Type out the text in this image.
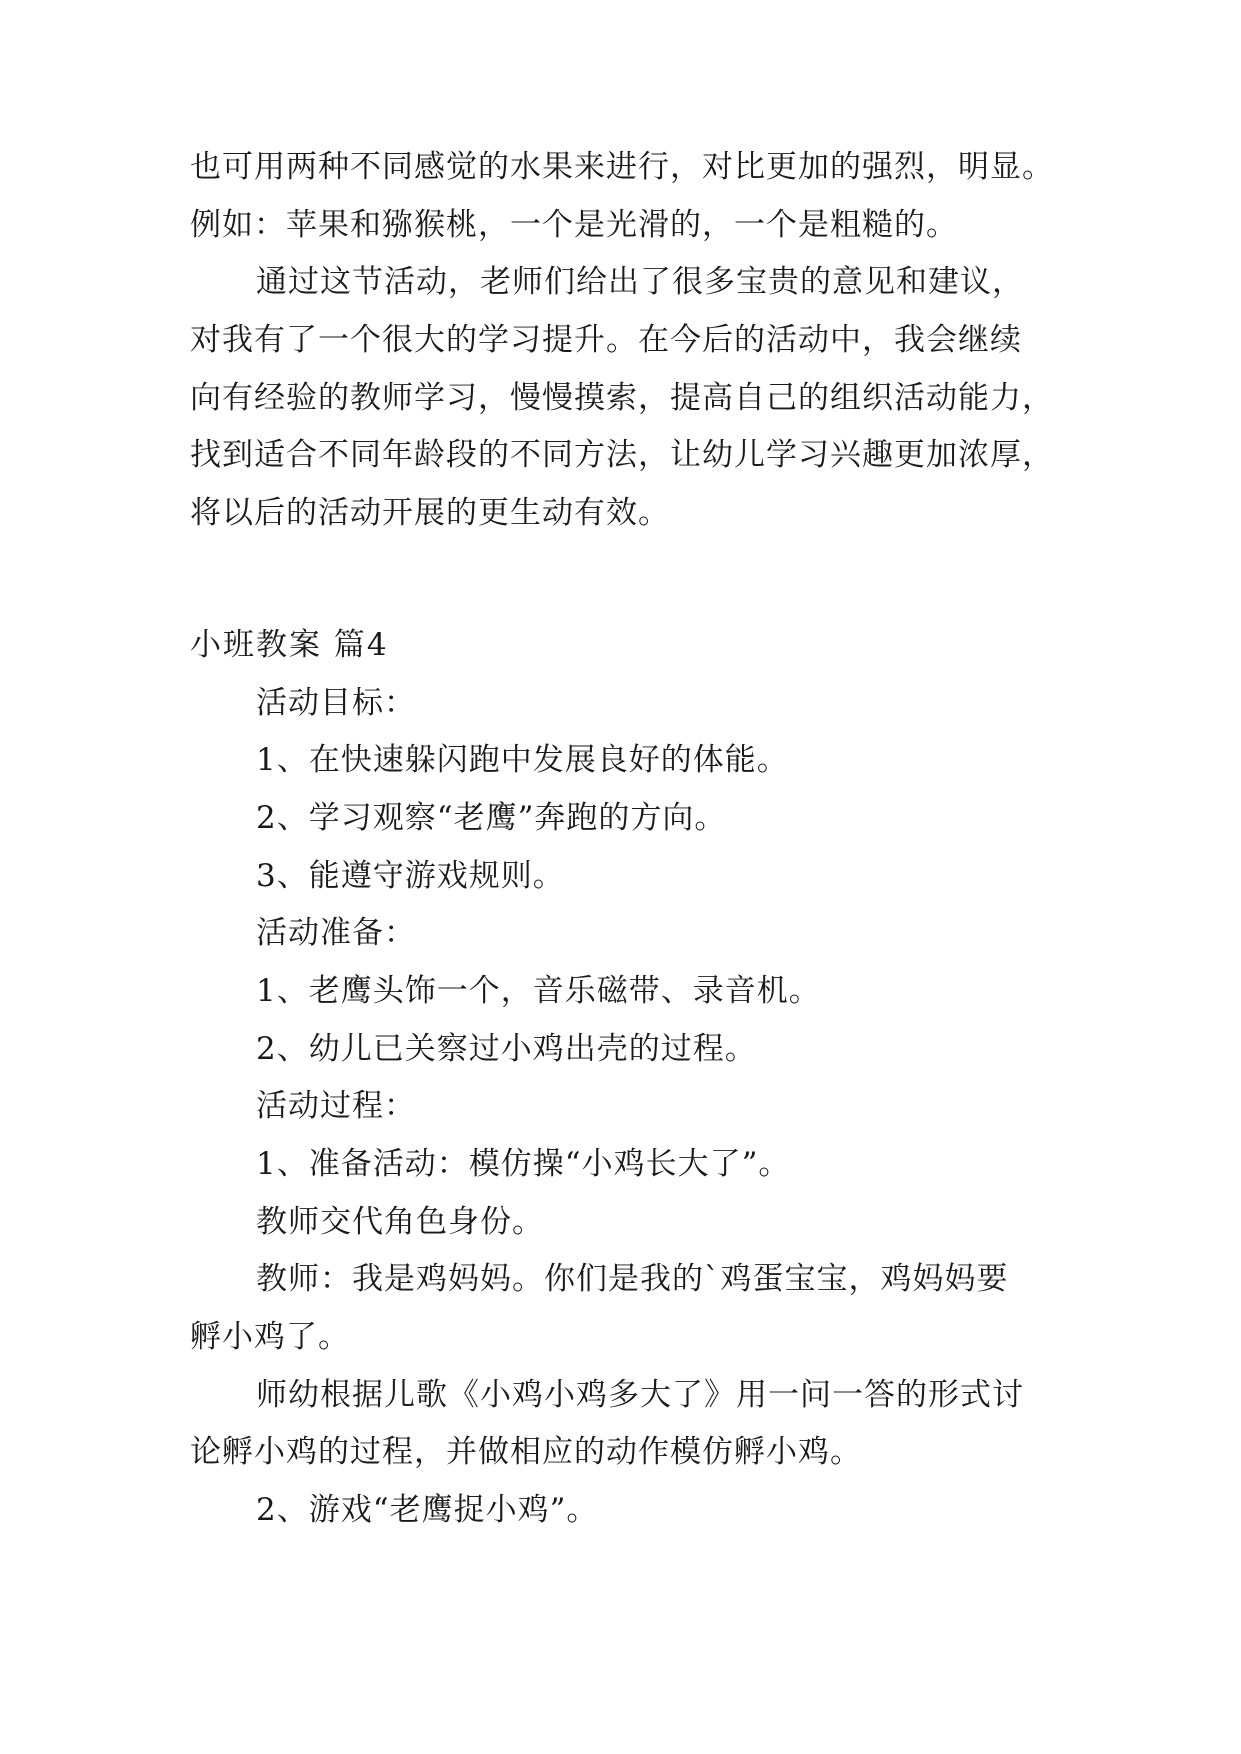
也可用两种不同感觉的水果来进行，对比更加的强烈，明显。
例如：苹果和猕猴桃，一个是光滑的，一个是粗糙的。
通过这节活动，老师们给出了很多宝贵的意见和建议，
对我有了一个很大的学习提升。在今后的活动中，我会继续
向有经验的教师学习，慢慢摸索，提高自己的组织活动能力，
找到适合不同年龄段的不同方法，让幼儿学习兴趣更加浓厚，
将以后的活动开展的更生动有效。
小班教案 篇4
活动目标：
1、在快速躲闪跑中发展良好的体能。
2、学习观察“老鹰”奔跑的方向。
3、能遵守游戏规则。
活动准备：
1、老鹰头饰一个，音乐磁带、录音机。
2、幼儿已关察过小鸡出壳的过程。
活动过程：
1、准备活动：模仿操“小鸡长大了”。
教师交代角色身份。
教师：我是鸡妈妈。你们是我的`鸡蛋宝宝，鸡妈妈要
孵小鸡了。
师幼根据儿歌《小鸡小鸡多大了》用一问一答的形式讨
论孵小鸡的过程，并做相应的动作模仿孵小鸡。
2、游戏“老鹰捉小鸡”。
